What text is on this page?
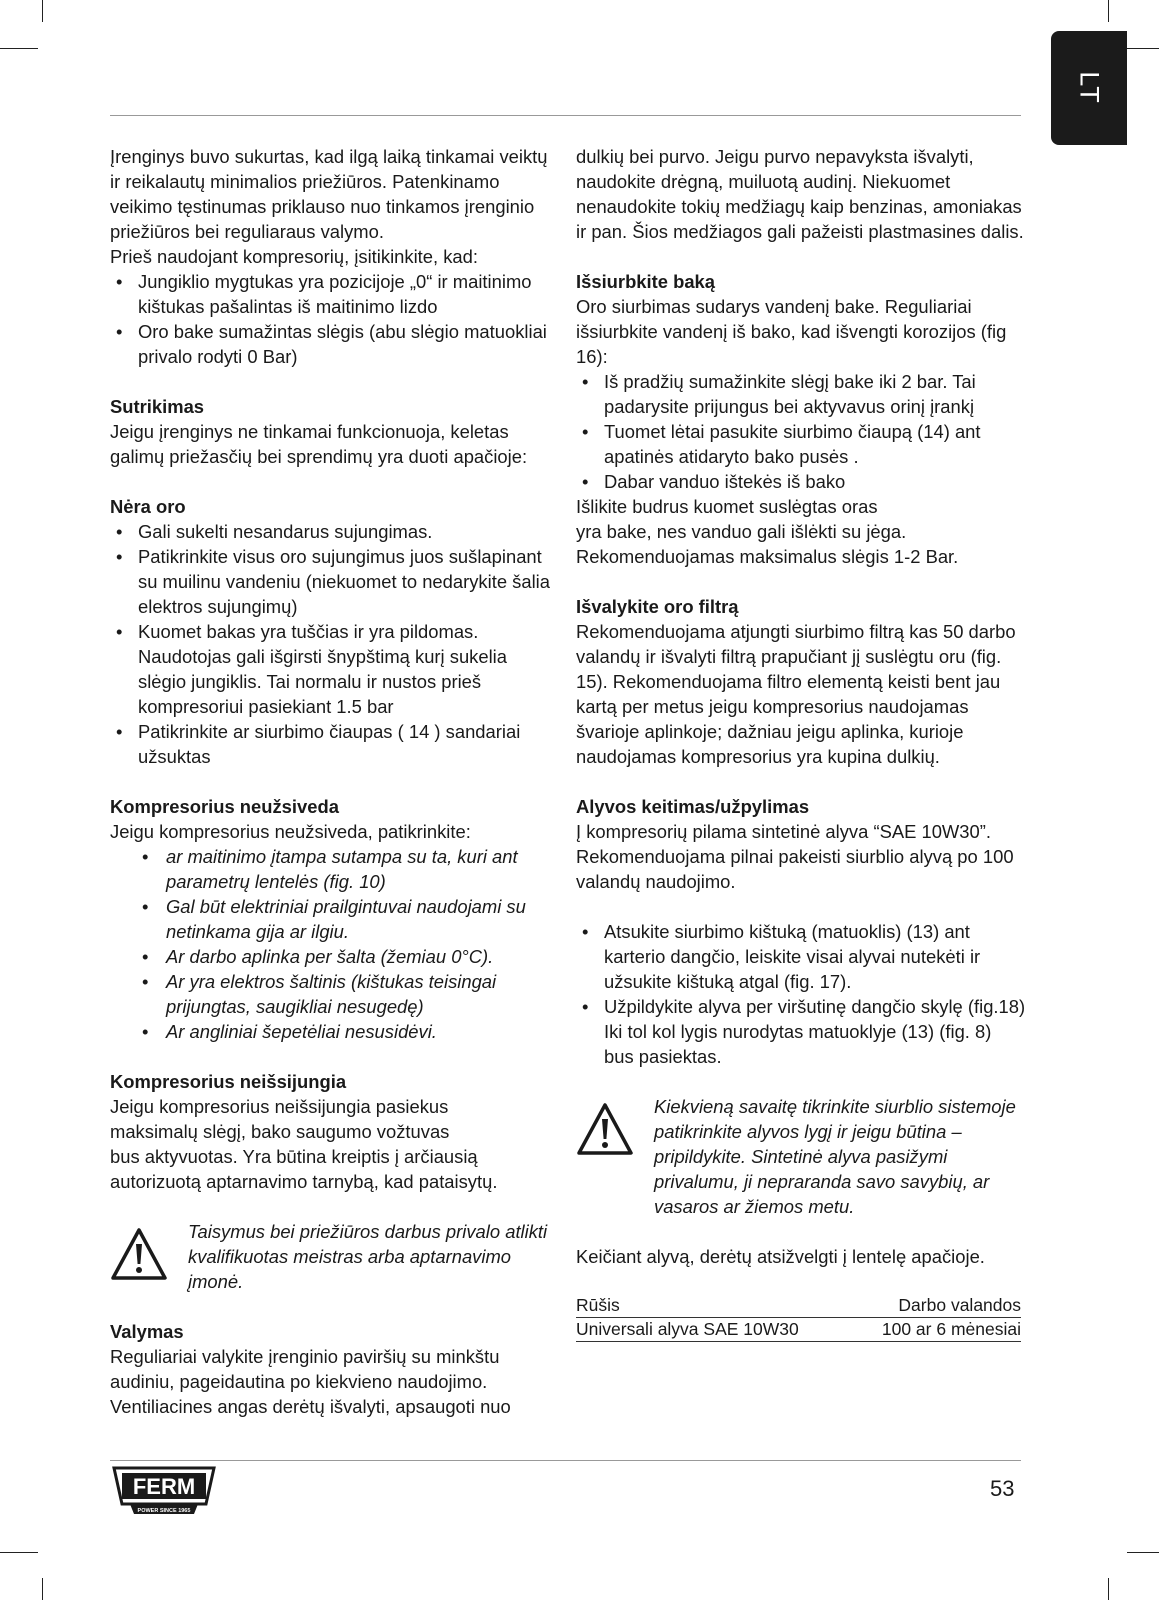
LT

Įrenginys buvo sukurtas, kad ilgą laiką tinkamai veiktų ir reikalautų minimalios priežiūros. Patenkinamo veikimo tęstinumas priklauso nuo tinkamos įrenginio priežiūros bei reguliaraus valymo.

Prieš naudojant kompresorių, įsitikinkite, kad:

• Jungiklio mygtukas yra pozicijoje „0“ ir maitinimo kištukas pašalintas iš maitinimo lizdo
• Oro bake sumažintas slėgis (abu slėgio matuokliai privalo rodyti 0 Bar)
Sutrikimas

Jeigu įrenginys ne tinkamai funkcionuoja, keletas galimų priežasčių bei sprendimų yra duoti apačioje:

Nėra oro
• Gali sukelti nesandarus sujungimas.
• Patikrinkite visus oro sujungimus juos sušlapinant su muilinu vandeniu (niekuomet to nedarykite šalia elektros sujungimų)
• Kuomet bakas yra tuščias ir yra pildomas. Naudotojas gali išgirsti šnypštimą kurį sukelia slėgio jungiklis. Tai normalu ir nustos prieš kompresoriui pasiekiant 1.5 bar
• Patikrinkite ar siurbimo čiaupas ( 14 ) sandariai užsuktas
Kompresorius neužsiveda

Jeigu kompresorius neužsiveda, patikrinkite:

• ar maitinimo įtampa sutampa su ta, kuri ant parametrų lentelės (fig. 10)
• Gal būt elektriniai prailgintuvai naudojami su netinkama gija ar ilgiu.
• Ar darbo aplinka per šalta (žemiau 0°C).
• Ar yra elektros šaltinis (kištukas teisingai prijungtas, saugikliai nesugedę)
• Ar angliniai šepetėliai nesusidėvi.
Kompresorius neišsijungia

Jeigu kompresorius neišsijungia pasiekus

maksimalų slėgį, bako saugumo vožtuvas

bus aktyvuotas. Yra būtina kreiptis į arčiausią

autorizuotą aptarnavimo tarnybą, kad pataisytų.

Taisymus bei priežiūros darbus privalo atlikti kvalifikuotas meistras arba aptarnavimo įmonė.
Valymas

Reguliariai valykite įrenginio paviršių su minkštu audiniu, pageidautina po kiekvieno naudojimo. Ventiliacines angas derėtų išvalyti, apsaugoti nuo

dulkių bei purvo. Jeigu purvo nepavyksta išvalyti, naudokite drėgną, muiluotą audinį. Niekuomet nenaudokite tokių medžiagų kaip benzinas, amoniakas ir pan. Šios medžiagos gali pažeisti plastmasines dalis.

Išsiurbkite baką

Oro siurbimas sudarys vandenį bake. Reguliariai išsiurbkite vandenį iš bako, kad išvengti korozijos (fig 16):

• Iš pradžių sumažinkite slėgį bake iki 2 bar. Tai padarysite prijungus bei aktyvavus orinį įrankį
• Tuomet lėtai pasukite siurbimo čiaupą (14) ant apatinės atidaryto bako pusės .
• Dabar vanduo ištekės iš bako

Išlikite budrus kuomet suslėgtas oras

yra bake, nes vanduo gali išlėkti su jėga.

Rekomenduojamas maksimalus slėgis 1-2 Bar.

Išvalykite oro filtrą

Rekomenduojama atjungti siurbimo filtrą kas 50 darbo valandų ir išvalyti filtrą prapučiant jį suslėgtu oru (fig. 15). Rekomenduojama filtro elementą keisti bent jau kartą per metus jeigu kompresorius naudojamas švarioje aplinkoje; dažniau jeigu aplinka, kurioje naudojamas kompresorius yra kupina dulkių.

Alyvos keitimas/užpylimas

Į kompresorių pilama sintetinė alyva “SAE 10W30”. Rekomenduojama pilnai pakeisti siurblio alyvą po 100 valandų naudojimo.

• Atsukite siurbimo kištuką (matuoklis) (13) ant karterio dangčio, leiskite visai alyvai nutekėti ir užsukite kištuką atgal (fig. 17).
• Užpildykite alyva per viršutinę dangčio skylę (fig.18) Iki tol kol lygis nurodytas matuoklyje (13) (fig. 8) bus pasiektas.
Kiekvieną savaitę tikrinkite siurblio sistemoje patikrinkite alyvos lygį ir jeigu būtina – pripildykite. Sintetinė alyva pasižymi privalumu, ji nepraranda savo savybių, ar vasaros ar žiemos metu.

Keičiant alyvą, derėtų atsižvelgti į lentelę apačioje.

Rūšis	Darbo valandos
Universali alyva SAE 10W30	100 ar 6 mėnesiai
FERM
POWER SINCE 1965
53
